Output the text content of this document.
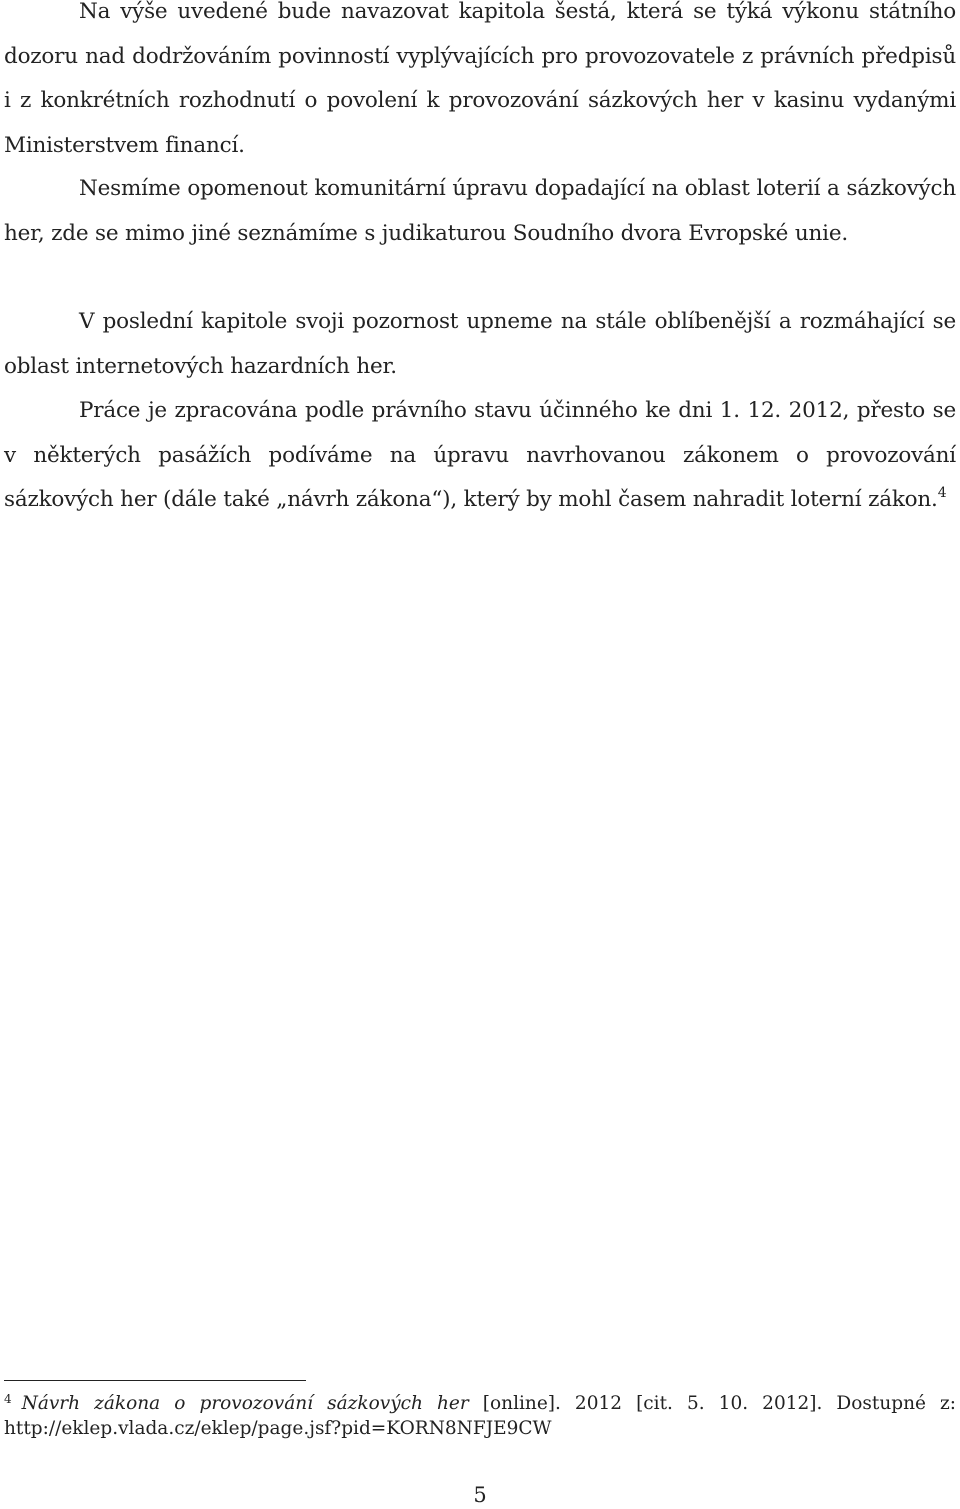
Na výše uvedené bude navazovat kapitola šestá, která se týká výkonu státního dozoru nad dodržováním povinností vyplývajících pro provozovatele z právních předpisů i z konkrétních rozhodnutí o povolení k provozování sázkových her v kasinu vydanými Ministerstvem financí.

Nesmíme opomenout komunitární úpravu dopadající na oblast loterií a sázkových her, zde se mimo jiné seznámíme s judikaturou Soudního dvora Evropské unie.

V poslední kapitole svoji pozornost upneme na stále oblíbenější a rozmáhající se oblast internetových hazardních her.

Práce je zpracována podle právního stavu účinného ke dni 1. 12. 2012, přesto se v některých pasážích podíváme na úpravu navrhovanou zákonem o provozování sázkových her (dále také „návrh zákona“), který by mohl časem nahradit loterní zákon.$^4$

$^4$ Návrh zákona o provozování sázkových her [online]. 2012 [cit. 5. 10. 2012]. Dostupné z: http://eklep.vlada.cz/eklep/page.jsf?pid=KORN8NFJE9CW

5
